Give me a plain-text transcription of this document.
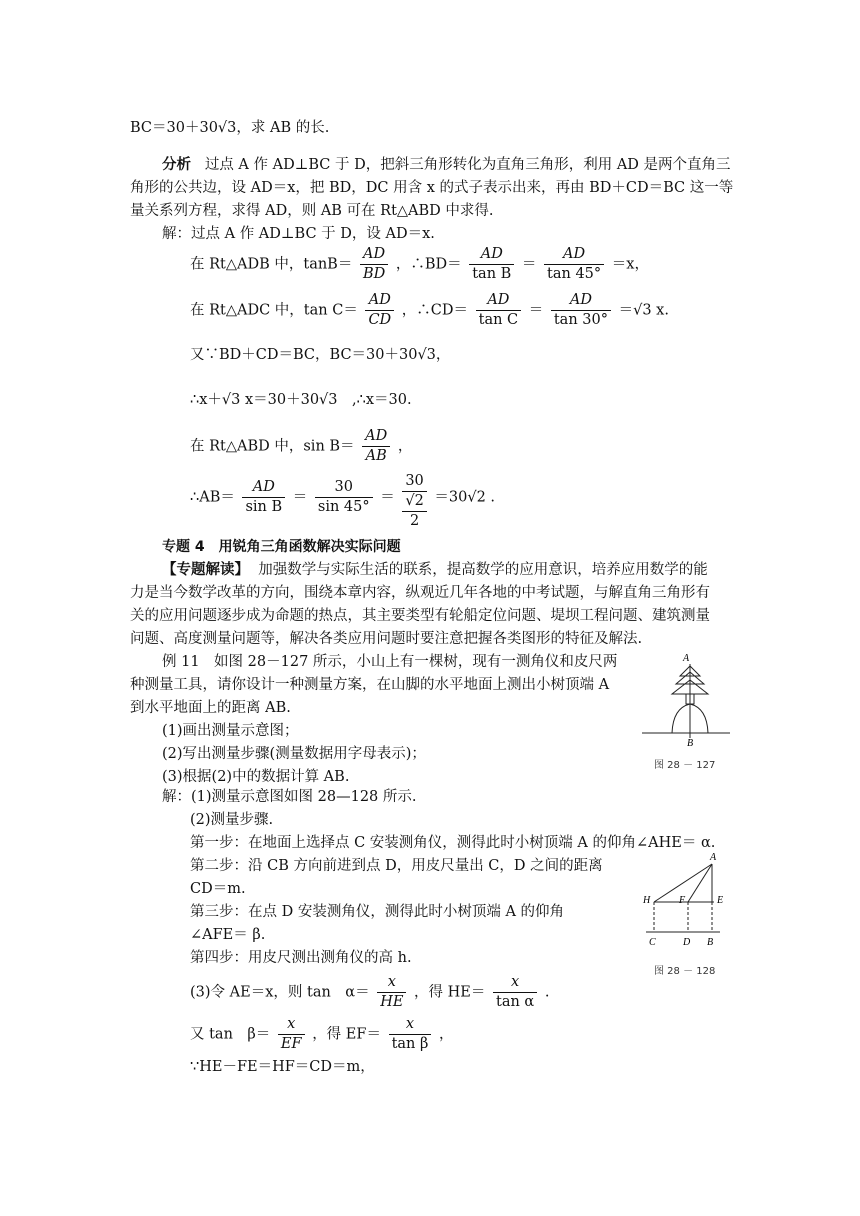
BC＝30＋30√3，求 AB 的长.
分析 过点 A 作 AD⊥BC 于 D，把斜三角形转化为直角三角形，利用 AD 是两个直角三
角形的公共边，设 AD＝x，把 BD，DC 用含 x 的式子表示出来，再由 BD＋CD＝BC 这一等
量关系列方程，求得 AD，则 AB 可在 Rt△ABD 中求得.
解：过点 A 作 AD⊥BC 于 D，设 AD＝x.
在 Rt△ADB 中，$\tan B= \frac{AD}{BD}$ ，∴BD＝ $\frac{AD}{\text{tan B}} = \frac{AD}{\tan 45^\circ} =x$，
在 Rt△ADC 中，$\tan C= \frac{AD}{CD}$ ，∴CD＝ $\frac{AD}{\text{tan C}} = \frac{AD}{\tan 30^\circ} =√3$ x.
又∵BD＋CD＝BC，BC＝30＋30√3，
∴x＋√3 x＝30＋30√3　,∴x＝30.
在 Rt△ABD 中，$\sin B= \frac{AD}{AB}$ ，
∴AB＝ $\frac{AD}{\text{sin B}} = \frac{30}{\sin 45^\circ} = \frac{30}{\frac{√2}{2}} =30√2$ .
专题 4　用锐角三角函数解决实际问题
【专题解读】 加强数学与实际生活的联系，提高数学的应用意识，培养应用数学的能
力是当今数学改革的方向，围绕本章内容，纵观近几年各地的中考试题，与解直角三角形有
关的应用问题逐步成为命题的热点，其主要类型有轮船定位问题、堤坝工程问题、建筑测量
问题、高度测量问题等，解决各类应用问题时要注意把握各类图形的特征及解法.
例 11　如图 28－127 所示，小山上有一棵树，现有一测角仪和皮尺两
种测量工具，请你设计一种测量方案，在山脚的水平地面上测出小树顶端 A
到水平地面上的距离 AB.
(1)画出测量示意图；
(2)写出测量步骤(测量数据用字母表示)；
(3)根据(2)中的数据计算 AB.
A
B
图 28 － 127
解：(1)测量示意图如图 28—128 所示.
(2)测量步骤.
第一步：在地面上选择点 C 安装测角仪，测得此时小树顶端 A 的仰角∠AHE＝ α.
第二步：沿 CB 方向前进到点 D，用皮尺量出 C，D 之间的距离
CD＝m.
第三步：在点 D 安装测角仪，测得此时小树顶端 A 的仰角
∠AFE＝ β.
第四步：用皮尺测出测角仪的高 h.
A
H	F	E
C	D B
图 28 － 128
(3)令 AE＝x，则 tan　$\alpha= \frac{x}{HE}$ ，得 $HE= \frac{x}{\text{tan α}}$ .
又 tan　$\beta= \frac{x}{EF}$ ，得 $EF= \frac{x}{\text{tan β}}$ ，
∵HE－FE＝HF＝CD＝m，
